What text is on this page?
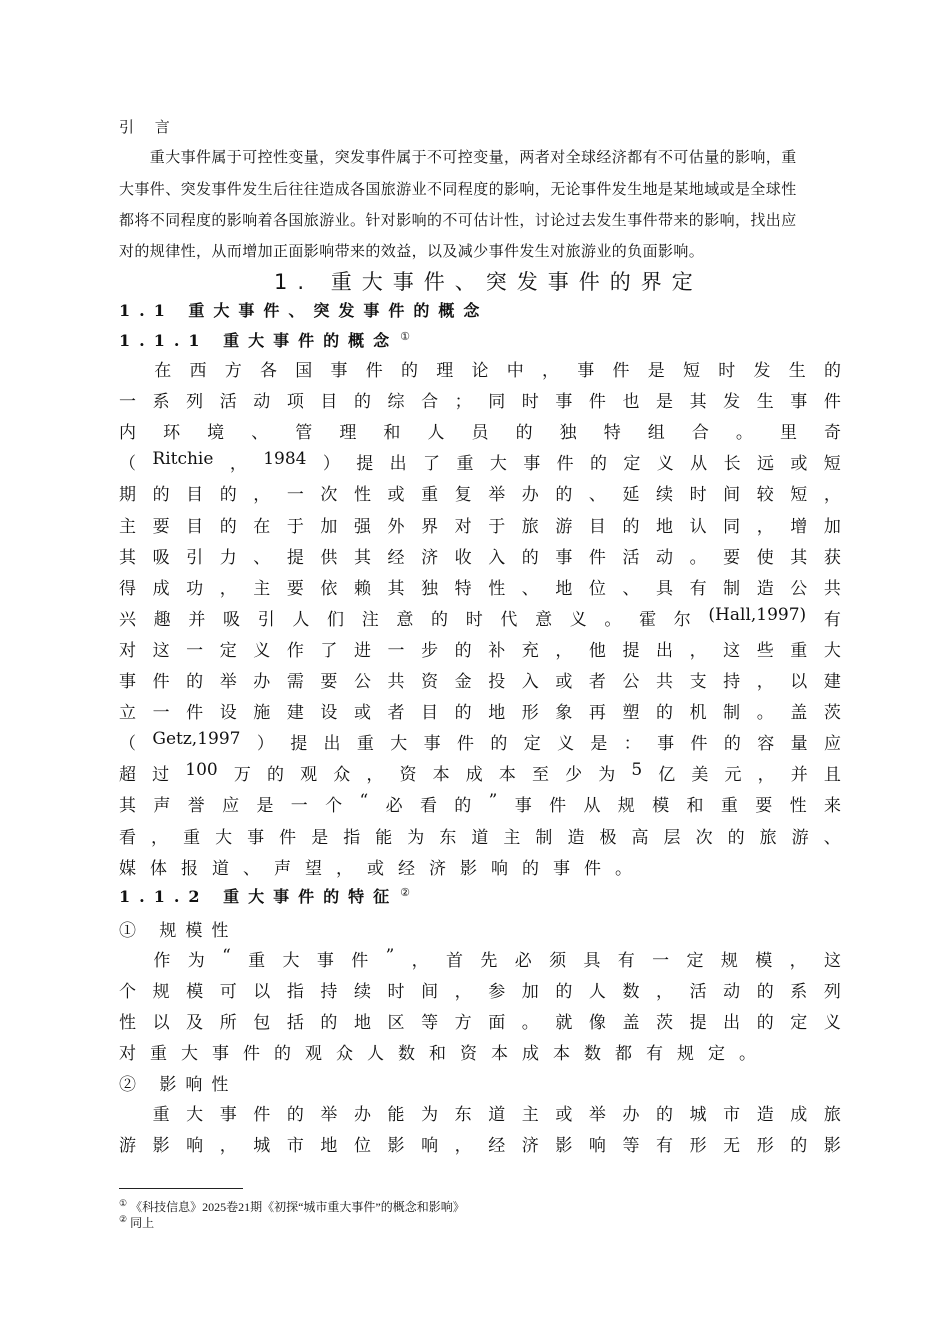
引 言
　　重大事件属于可控性变量，突发事件属于不可控变量，两者对全球经济都有不可估量的影响，重
大事件、突发事件发生后往往造成各国旅游业不同程度的影响，无论事件发生地是某地域或是全球性
都将不同程度的影响着各国旅游业。针对影响的不可估计性，讨论过去发生事件带来的影响，找出应
对的规律性，从而增加正面影响带来的效益，以及减少事件发生对旅游业的负面影响。
1. 重大事件、突发事件的界定
1.1 重大事件、突发事件的概念
1.1.1 重大事件的概念 ①

在 西 方 各 国 事 件 的 理 论 中 ， 事 件 是 短 时 发 生 的
一 系 列 活 动 项 目 的 综 合 ； 同 时 事 件 也 是 其 发 生 事 件
内 环 境 、 管 理 和 人 员 的 独 特 组 合 。 里 奇
（ Ritchie ， 1984 ） 提 出 了 重 大 事 件 的 定 义 从 长 远 或 短
期 的 目 的 ， 一 次 性 或 重 复 举 办 的 、 延 续 时 间 较 短 ，
主 要 目 的 在 于 加 强 外 界 对 于 旅 游 目 的 地 认 同 ， 增 加
其 吸 引 力 、 提 供 其 经 济 收 入 的 事 件 活 动 。 要 使 其 获
得 成 功 ， 主 要 依 赖 其 独 特 性 、 地 位 、 具 有 制 造 公 共
兴 趣 并 吸 引 人 们 注 意 的 时 代 意 义 。 霍 尔 (Hall,1997) 有
对 这 一 定 义 作 了 进 一 步 的 补 充 ， 他 提 出 ， 这 些 重 大
事 件 的 举 办 需 要 公 共 资 金 投 入 或 者 公 共 支 持 ， 以 建
立 一 件 设 施 建 设 或 者 目 的 地 形 象 再 塑 的 机 制 。 盖 茨
（ Getz,1997 ） 提 出 重 大 事 件 的 定 义 是 ： 事 件 的 容 量 应
超 过 100 万 的 观 众 ， 资 本 成 本 至 少 为 5 亿 美 元 ， 并 且
其 声 誉 应 是 一 个 “ 必 看 的 ” 事 件 从 规 模 和 重 要 性 来
看 ， 重 大 事 件 是 指 能 为 东 道 主 制 造 极 高 层 次 的 旅 游 、
媒体报道、声望，或经济影响的事件。
1.1.2 重大事件的特征 ②
① 规模性

作 为 “ 重 大 事 件 ” ， 首 先 必 须 具 有 一 定 规 模 ， 这
个 规 模 可 以 指 持 续 时 间 ， 参 加 的 人 数 ， 活 动 的 系 列
性 以 及 所 包 括 的 地 区 等 方 面 。 就 像 盖 茨 提 出 的 定 义
对重大事件的观众人数和资本成本数都有规定。
② 影响性

重 大 事 件 的 举 办 能 为 东 道 主 或 举 办 的 城 市 造 成 旅
游 影 响 ， 城 市 地 位 影 响 ， 经 济 影 响 等 有 形 无 形 的 影
① 《科技信息》2025卷21期《初探“城市重大事件”的概念和影响》
② 同上
